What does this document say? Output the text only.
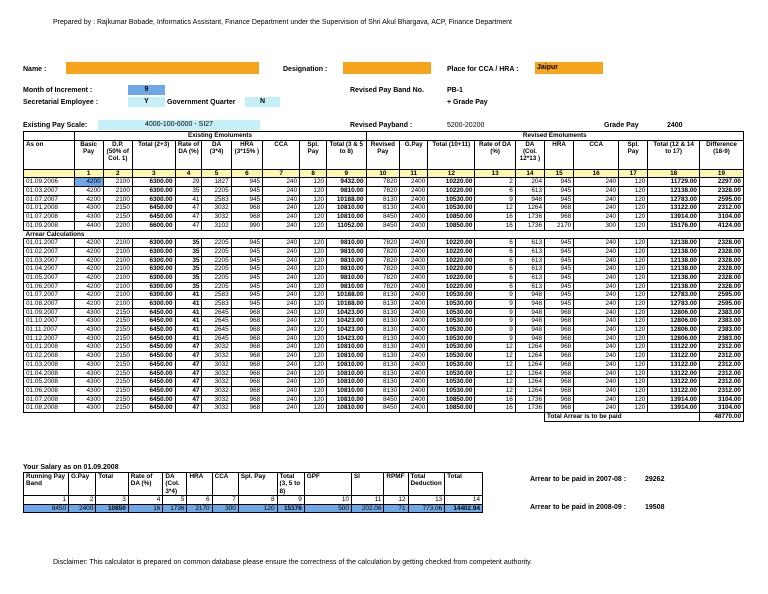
Prepared by : Rajkumar Bobade, Informatics Assistant, Finance Department under the Supervision of Shri Akul Bhargava, ACP, Finance Department
Name :	Designation :	Place for CCA / HRA :	Jaipur
Month of Increment :	9	Revised Pay Band No.	PB-1
Secretarial Employee :	Y	Government Quarter	N	+ Grade Pay
Existing Pay Scale:	4000-100-6000 - SI27	Revised Payband :	5200-20200	Grade Pay	2400
	Existing Emoluments									Revised Emoluments									
As on	Basic Pay	D.P. (50% of Col. 1)	Total (2+3)	Rate of DA (%)	DA (3*4)	HRA (3*15% )	CCA	Spl. Pay	Total (3 & 5 to 8)	Revised Pay	G.Pay	Total (10+11)	Rate of DA (%)	DA (Col. 12*13 )	HRA	CCA	Spl. Pay	Total (12 & 14 to 17)	Difference (18-9)
	1	2	3	4	5	6	7	8	9	10	11	12	13	14	15	16	17	18	19
01.09.2006	4200	2100	6300.00	29	1827	945	240	120	9432.00	7820	2400	10220.00	2	204	945	240	120	11729.00	2297.00
01.03.2007	4200	2100	6300.00	35	2205	945	240	120	9810.00	7820	2400	10220.00	6	613	945	240	120	12138.00	2328.00
01.07.2007	4200	2100	6300.00	41	2583	945	240	120	10188.00	8130	2400	10530.00	9	948	945	240	120	12783.00	2595.00
01.01.2008	4300	2150	6450.00	47	3032	968	240	120	10810.00	8130	2400	10530.00	12	1264	968	240	120	13122.00	2312.00
01.07.2008	4300	2150	6450.00	47	3032	968	240	120	10810.00	8450	2400	10850.00	16	1736	968	240	120	13914.00	3104.00
01.09.2008	4400	2200	6600.00	47	3102	990	240	120	11052.00	8450	2400	10850.00	16	1736	2170	300	120	15176.00	4124.00
Arrear Calculations																			
01.01.2007	4200	2100	6300.00	35	2205	945	240	120	9810.00	7820	2400	10220.00	6	613	945	240	120	12138.00	2328.00
01.02.2007	4200	2100	6300.00	35	2205	945	240	120	9810.00	7820	2400	10220.00	6	613	945	240	120	12138.00	2328.00
01.03.2007	4200	2100	6300.00	35	2205	945	240	120	9810.00	7820	2400	10220.00	6	613	945	240	120	12138.00	2328.00
01.04.2007	4200	2100	6300.00	35	2205	945	240	120	9810.00	7820	2400	10220.00	6	613	945	240	120	12138.00	2328.00
01.05.2007	4200	2100	6300.00	35	2205	945	240	120	9810.00	7820	2400	10220.00	6	613	945	240	120	12138.00	2328.00
01.06.2007	4200	2100	6300.00	35	2205	945	240	120	9810.00	7820	2400	10220.00	6	613	945	240	120	12138.00	2328.00
01.07.2007	4200	2100	6300.00	41	2583	945	240	120	10188.00	8130	2400	10530.00	9	948	945	240	120	12783.00	2595.00
01.08.2007	4200	2100	6300.00	41	2583	945	240	120	10188.00	8130	2400	10530.00	9	948	945	240	120	12783.00	2595.00
01.09.2007	4300	2150	6450.00	41	2645	968	240	120	10423.00	8130	2400	10530.00	9	948	968	240	120	12806.00	2383.00
01.10.2007	4300	2150	6450.00	41	2645	968	240	120	10423.00	8130	2400	10530.00	9	948	968	240	120	12806.00	2383.00
01.11.2007	4300	2150	6450.00	41	2645	968	240	120	10423.00	8130	2400	10530.00	9	948	968	240	120	12806.00	2383.00
01.12.2007	4300	2150	6450.00	41	2645	968	240	120	10423.00	8130	2400	10530.00	9	948	968	240	120	12806.00	2383.00
01.01.2008	4300	2150	6450.00	47	3032	968	240	120	10810.00	8130	2400	10530.00	12	1264	968	240	120	13122.00	2312.00
01.02.2008	4300	2150	6450.00	47	3032	968	240	120	10810.00	8130	2400	10530.00	12	1264	968	240	120	13122.00	2312.00
01.03.2008	4300	2150	6450.00	47	3032	968	240	120	10810.00	8130	2400	10530.00	12	1264	968	240	120	13122.00	2312.00
01.04.2008	4300	2150	6450.00	47	3032	968	240	120	10810.00	8130	2400	10530.00	12	1264	968	240	120	13122.00	2312.00
01.05.2008	4300	2150	6450.00	47	3032	968	240	120	10810.00	8130	2400	10530.00	12	1264	968	240	120	13122.00	2312.00
01.06.2008	4300	2150	6450.00	47	3032	968	240	120	10810.00	8130	2400	10530.00	12	1264	968	240	120	13122.00	2312.00
01.07.2008	4300	2150	6450.00	47	3032	968	240	120	10810.00	8450	2400	10850.00	16	1736	968	240	120	13914.00	3104.00
01.08.2008	4300	2150	6450.00	47	3032	968	240	120	10810.00	8450	2400	10850.00	16	1736	968	240	120	13914.00	3104.00
															Total Arrear is to be paid				48770.00
Your Salary as on 01.09.2008
Running Pay Band	G.Pay	Total	Rate of DA (%)	DA (Col. 3*4)	HRA	CCA	Spl. Pay	Total (3, 5 to 8)	GPF	SI	RPMF	Total Deduction	Total
1	2	3	4	5	6	7	8	9	10	11	12	13	14
8450	2400	10850	16	1736	2170	300	120	15176	500	202.06	71	773.06	14402.94
Arrear to be paid in 2007-08 :	29262
Arrear to be paid in 2008-09 :	19508
Disclaimer: This calculator is prepared on common database please ensure the correctness of the calculation by getting checked from competent authority.
